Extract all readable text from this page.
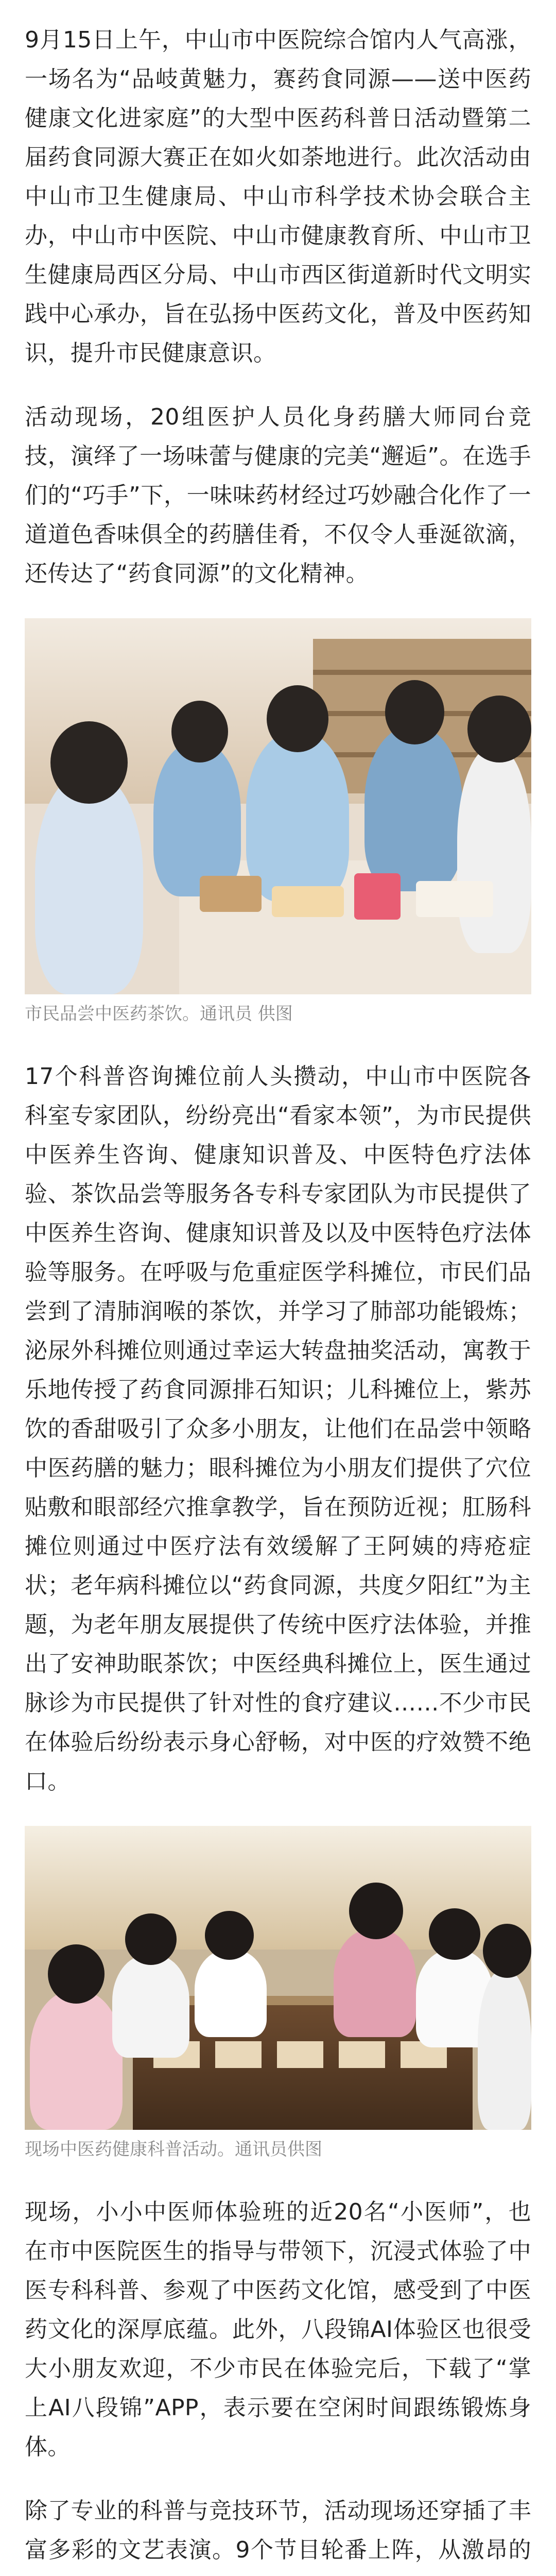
9月15日上午，中山市中医院综合馆内人气高涨，一场名为“品岐黄魅力，赛药食同源——送中医药健康文化进家庭”的大型中医药科普日活动暨第二届药食同源大赛正在如火如荼地进行。此次活动由中山市卫生健康局、中山市科学技术协会联合主办，中山市中医院、中山市健康教育所、中山市卫生健康局西区分局、中山市西区街道新时代文明实践中心承办，旨在弘扬中医药文化，普及中医药知识，提升市民健康意识。

活动现场，20组医护人员化身药膳大师同台竞技，演绎了一场味蕾与健康的完美“邂逅”。在选手们的“巧手”下，一味味药材经过巧妙融合化作了一道道色香味俱全的药膳佳肴，不仅令人垂涎欲滴，还传达了“药食同源”的文化精神。

市民品尝中医药茶饮。通讯员 供图

17个科普咨询摊位前人头攒动，中山市中医院各科室专家团队，纷纷亮出“看家本领”，为市民提供中医养生咨询、健康知识普及、中医特色疗法体验、茶饮品尝等服务各专科专家团队为市民提供了中医养生咨询、健康知识普及以及中医特色疗法体验等服务。在呼吸与危重症医学科摊位，市民们品尝到了清肺润喉的茶饮，并学习了肺部功能锻炼；泌尿外科摊位则通过幸运大转盘抽奖活动，寓教于乐地传授了药食同源排石知识；儿科摊位上，紫苏饮的香甜吸引了众多小朋友，让他们在品尝中领略中医药膳的魅力；眼科摊位为小朋友们提供了穴位贴敷和眼部经穴推拿教学，旨在预防近视；肛肠科摊位则通过中医疗法有效缓解了王阿姨的痔疮症状；老年病科摊位以“药食同源，共度夕阳红”为主题，为老年朋友展提供了传统中医疗法体验，并推出了安神助眠茶饮；中医经典科摊位上，医生通过脉诊为市民提供了针对性的食疗建议……不少市民在体验后纷纷表示身心舒畅，对中医的疗效赞不绝口。

现场中医药健康科普活动。通讯员供图

现场，小小中医师体验班的近20名“小医师”，也在市中医院医生的指导与带领下，沉浸式体验了中医专科科普、参观了中医药文化馆，感受到了中医药文化的深厚底蕴。此外，八段锦AI体验区也很受大小朋友欢迎，不少市民在体验完后，下载了“掌上AI八段锦”APP，表示要在空闲时间跟练锻炼身体。

除了专业的科普与竞技环节，活动现场还穿插了丰富多彩的文艺表演。9个节目轮番上阵，从激昂的
